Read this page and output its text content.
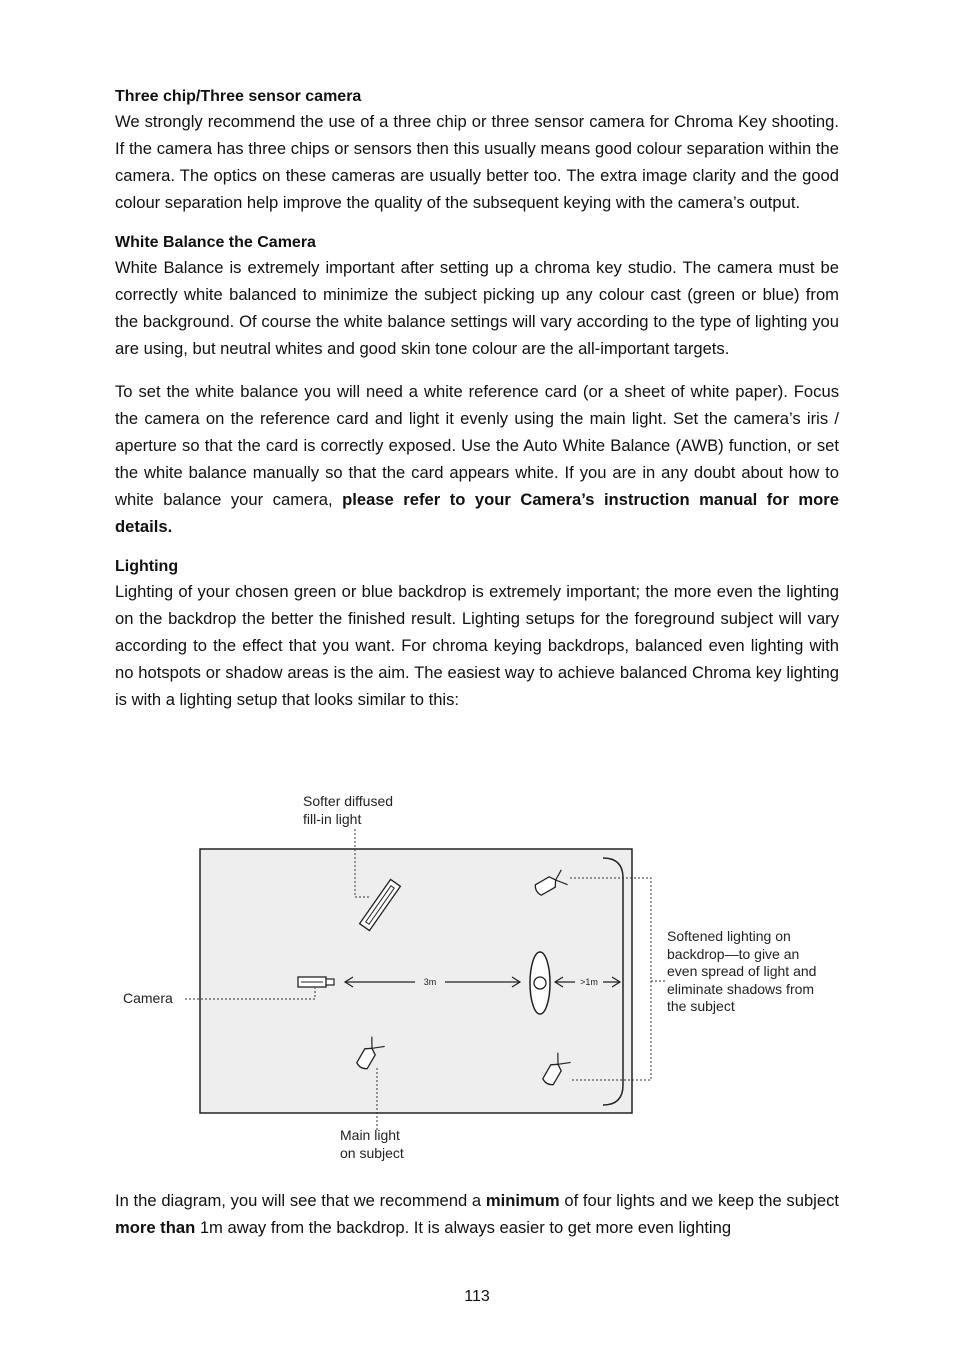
Three chip/Three sensor camera

We strongly recommend the use of a three chip or three sensor camera for Chroma Key shooting. If the camera has three chips or sensors then this usually means good colour separation within the camera. The optics on these cameras are usually better too. The extra image clarity and the good colour separation help improve the quality of the subsequent keying with the camera’s output.

White Balance the Camera

White Balance is extremely important after setting up a chroma key studio. The camera must be correctly white balanced to minimize the subject picking up any colour cast (green or blue) from the background. Of course the white balance settings will vary according to the type of lighting you are using, but neutral whites and good skin tone colour are the all-important targets.

To set the white balance you will need a white reference card (or a sheet of white paper). Focus the camera on the reference card and light it evenly using the main light. Set the camera’s iris / aperture so that the card is correctly exposed. Use the Auto White Balance (AWB) function, or set the white balance manually so that the card appears white. If you are in any doubt about how to white balance your camera, please refer to your Camera’s instruction manual for more details.

Lighting

Lighting of your chosen green or blue backdrop is extremely important; the more even the lighting on the backdrop the better the finished result. Lighting setups for the foreground subject will vary according to the effect that you want. For chroma keying backdrops, balanced even lighting with no hotspots or shadow areas is the aim. The easiest way to achieve balanced Chroma key lighting is with a lighting setup that looks similar to this:

Softer diffused
fill-in light
Camera
3m	>1m
Softened lighting on
backdrop—to give an
even spread of light and
eliminate shadows from
the subject
Main light
on subject

In the diagram, you will see that we recommend a minimum of four lights and we keep the subject more than 1m away from the backdrop. It is always easier to get more even lighting

113
